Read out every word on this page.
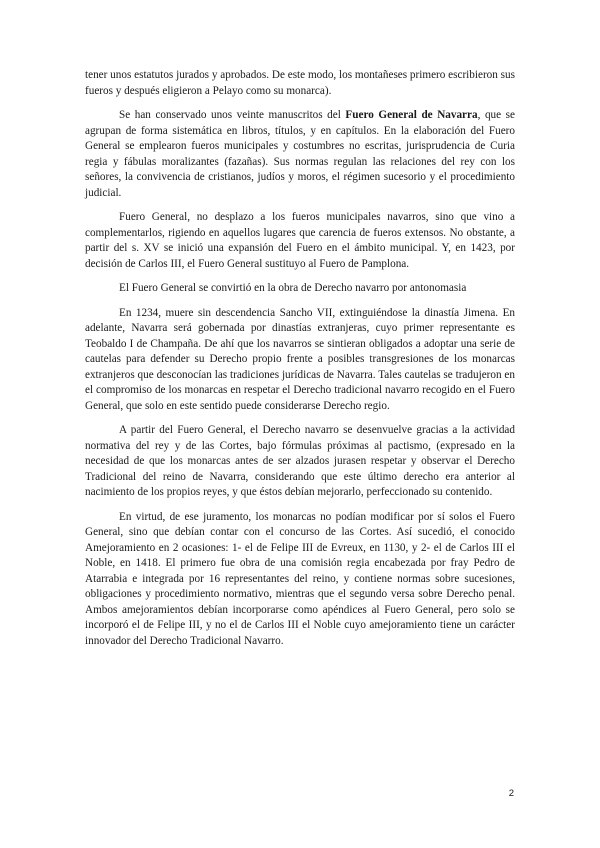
tener unos estatutos jurados y aprobados. De este modo, los montañeses primero escribieron sus fueros y después eligieron a Pelayo como su monarca).

Se han conservado unos veinte manuscritos del Fuero General de Navarra, que se agrupan de forma sistemática en libros, títulos, y en capítulos. En la elaboración del Fuero General se emplearon fueros municipales y costumbres no escritas, jurisprudencia de Curia regia y fábulas moralizantes (fazañas). Sus normas regulan las relaciones del rey con los señores, la convivencia de cristianos, judíos y moros, el régimen sucesorio y el procedimiento judicial.

Fuero General, no desplazo a los fueros municipales navarros, sino que vino a complementarlos, rigiendo en aquellos lugares que carencia de fueros extensos. No obstante, a partir del s. XV se inició una expansión del Fuero en el ámbito municipal. Y, en 1423, por decisión de Carlos III, el Fuero General sustituyo al Fuero de Pamplona.

El Fuero General se convirtió en la obra de Derecho navarro por antonomasia

En 1234, muere sin descendencia Sancho VII, extinguiéndose la dinastía Jimena. En adelante, Navarra será gobernada por dinastías extranjeras, cuyo primer representante es Teobaldo I de Champaña. De ahí que los navarros se sintieran obligados a adoptar una serie de cautelas para defender su Derecho propio frente a posibles transgresiones de los monarcas extranjeros que desconocían las tradiciones jurídicas de Navarra. Tales cautelas se tradujeron en el compromiso de los monarcas en respetar el Derecho tradicional navarro recogido en el Fuero General, que solo en este sentido puede considerarse Derecho regio.

A partir del Fuero General, el Derecho navarro se desenvuelve gracias a la actividad normativa del rey y de las Cortes, bajo fórmulas próximas al pactismo, (expresado en la necesidad de que los monarcas antes de ser alzados jurasen respetar y observar el Derecho Tradicional del reino de Navarra, considerando que este último derecho era anterior al nacimiento de los propios reyes, y que éstos debían mejorarlo, perfeccionado su contenido.

En virtud, de ese juramento, los monarcas no podían modificar por sí solos el Fuero General, sino que debían contar con el concurso de las Cortes. Así sucedió, el conocido Amejoramiento en 2 ocasiones: 1- el de Felipe III de Evreux, en 1130, y 2- el de Carlos III el Noble, en 1418. El primero fue obra de una comisión regia encabezada por fray Pedro de Atarrabia e integrada por 16 representantes del reino, y contiene normas sobre sucesiones, obligaciones y procedimiento normativo, mientras que el segundo versa sobre Derecho penal. Ambos amejoramientos debían incorporarse como apéndices al Fuero General, pero solo se incorporó el de Felipe III, y no el de Carlos III el Noble cuyo amejoramiento tiene un carácter innovador del Derecho Tradicional Navarro.

2
